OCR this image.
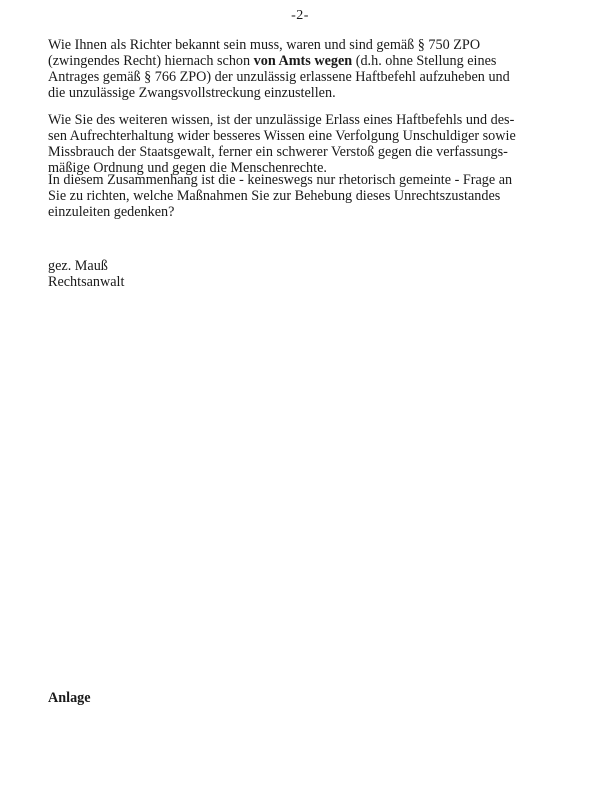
-2-

Wie Ihnen als Richter bekannt sein muss, waren und sind gemäß § 750 ZPO
(zwingendes Recht) hiernach schon von Amts wegen (d.h. ohne Stellung eines
Antrages gemäß § 766 ZPO) der unzulässig erlassene Haftbefehl aufzuheben und
die unzulässige Zwangsvollstreckung einzustellen.

Wie Sie des weiteren wissen, ist der unzulässige Erlass eines Haftbefehls und des-
sen Aufrechterhaltung wider besseres Wissen eine Verfolgung Unschuldiger sowie
Missbrauch der Staatsgewalt, ferner ein schwerer Verstoß gegen die verfassungs-
mäßige Ordnung und gegen die Menschenrechte.

In diesem Zusammenhang ist die - keineswegs nur rhetorisch gemeinte - Frage an
Sie zu richten, welche Maßnahmen Sie zur Behebung dieses Unrechtszustandes
einzuleiten gedenken?

gez. Mauß
Rechtsanwalt
Anlage
